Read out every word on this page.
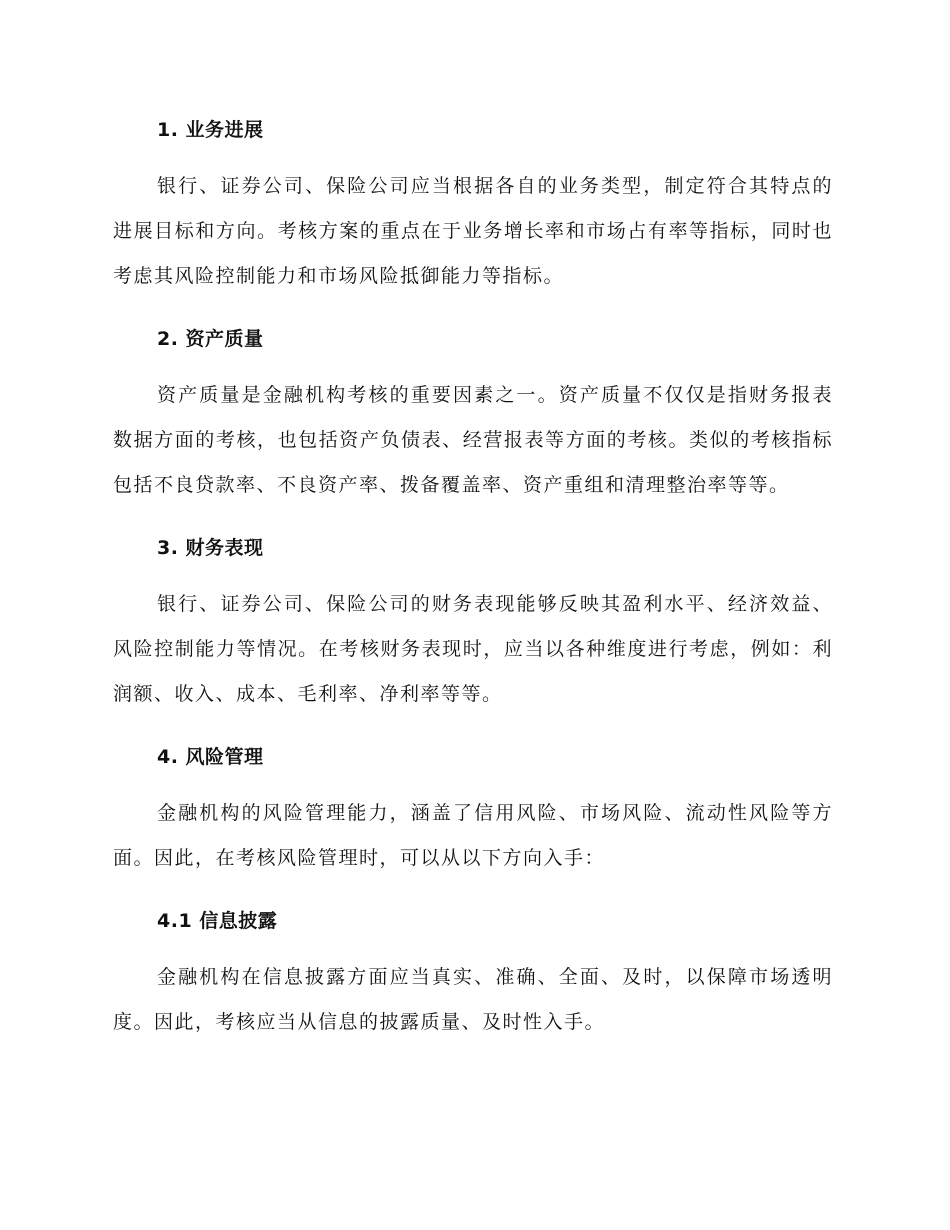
1. 业务进展

银行、证券公司、保险公司应当根据各自的业务类型，制定符合其特点的进展目标和方向。考核方案的重点在于业务增长率和市场占有率等指标，同时也考虑其风险控制能力和市场风险抵御能力等指标。

2. 资产质量

资产质量是金融机构考核的重要因素之一。资产质量不仅仅是指财务报表数据方面的考核，也包括资产负债表、经营报表等方面的考核。类似的考核指标包括不良贷款率、不良资产率、拨备覆盖率、资产重组和清理整治率等等。

3. 财务表现

银行、证券公司、保险公司的财务表现能够反映其盈利水平、经济效益、风险控制能力等情况。在考核财务表现时，应当以各种维度进行考虑，例如：利润额、收入、成本、毛利率、净利率等等。

4. 风险管理

金融机构的风险管理能力，涵盖了信用风险、市场风险、流动性风险等方面。因此，在考核风险管理时，可以从以下方向入手：

4.1 信息披露

金融机构在信息披露方面应当真实、准确、全面、及时，以保障市场透明度。因此，考核应当从信息的披露质量、及时性入手。
